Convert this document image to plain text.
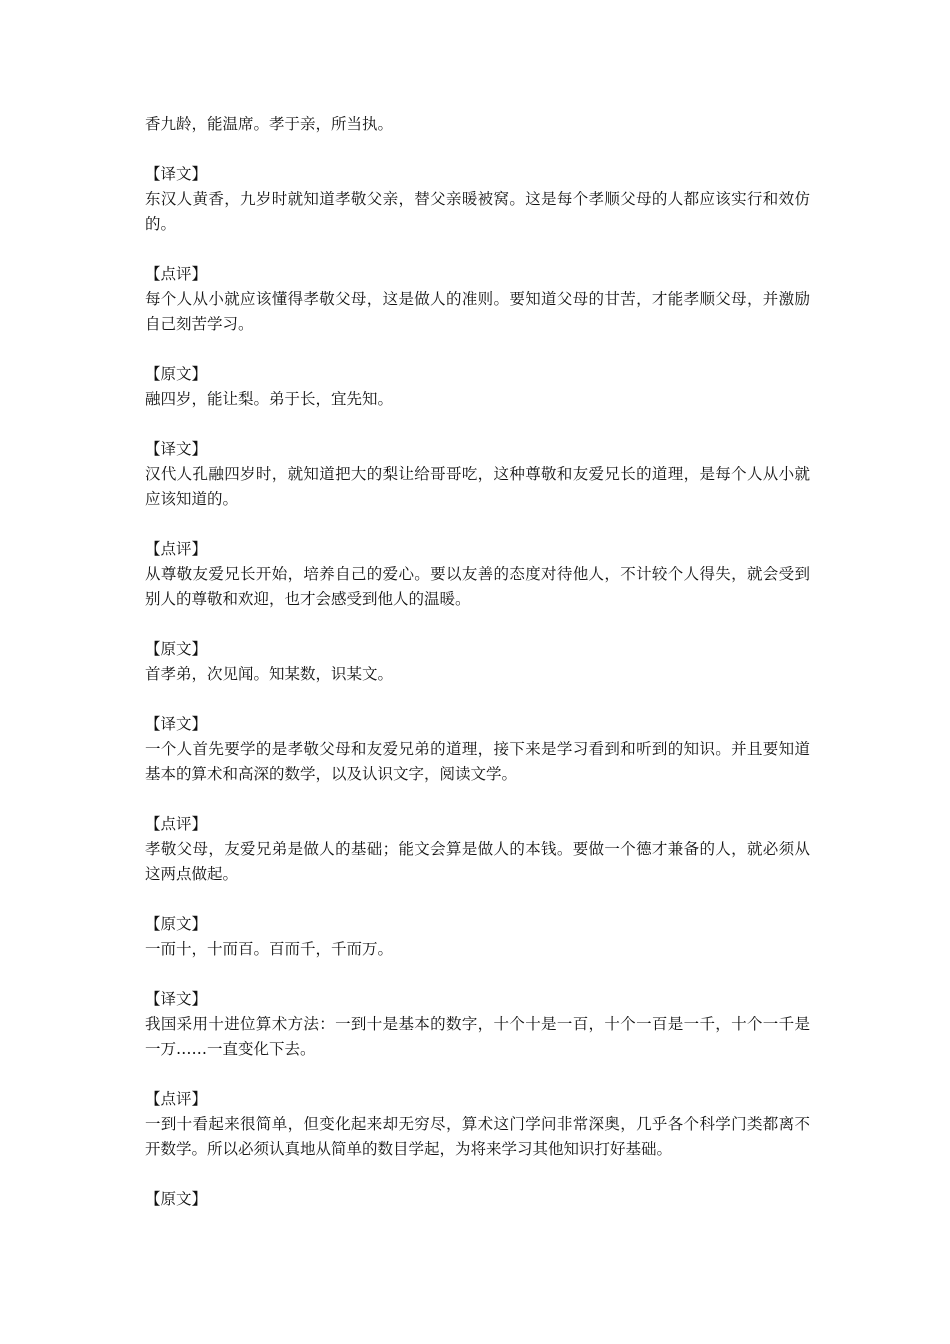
香九龄，能温席。孝于亲，所当执。

【译文】

东汉人黄香，九岁时就知道孝敬父亲，替父亲暖被窝。这是每个孝顺父母的人都应该实行和效仿的。

【点评】

每个人从小就应该懂得孝敬父母，这是做人的准则。要知道父母的甘苦，才能孝顺父母，并激励自己刻苦学习。

【原文】

融四岁，能让梨。弟于长，宜先知。

【译文】

汉代人孔融四岁时，就知道把大的梨让给哥哥吃，这种尊敬和友爱兄长的道理，是每个人从小就应该知道的。

【点评】

从尊敬友爱兄长开始，培养自己的爱心。要以友善的态度对待他人，不计较个人得失，就会受到别人的尊敬和欢迎，也才会感受到他人的温暖。

【原文】

首孝弟，次见闻。知某数，识某文。

【译文】

一个人首先要学的是孝敬父母和友爱兄弟的道理，接下来是学习看到和听到的知识。并且要知道基本的算术和高深的数学，以及认识文字，阅读文学。

【点评】

孝敬父母，友爱兄弟是做人的基础；能文会算是做人的本钱。要做一个德才兼备的人，就必须从这两点做起。

【原文】

一而十，十而百。百而千，千而万。

【译文】

我国采用十进位算术方法：一到十是基本的数字，十个十是一百，十个一百是一千，十个一千是一万……一直变化下去。

【点评】

一到十看起来很简单，但变化起来却无穷尽，算术这门学问非常深奥，几乎各个科学门类都离不开数学。所以必须认真地从简单的数目学起，为将来学习其他知识打好基础。

【原文】
